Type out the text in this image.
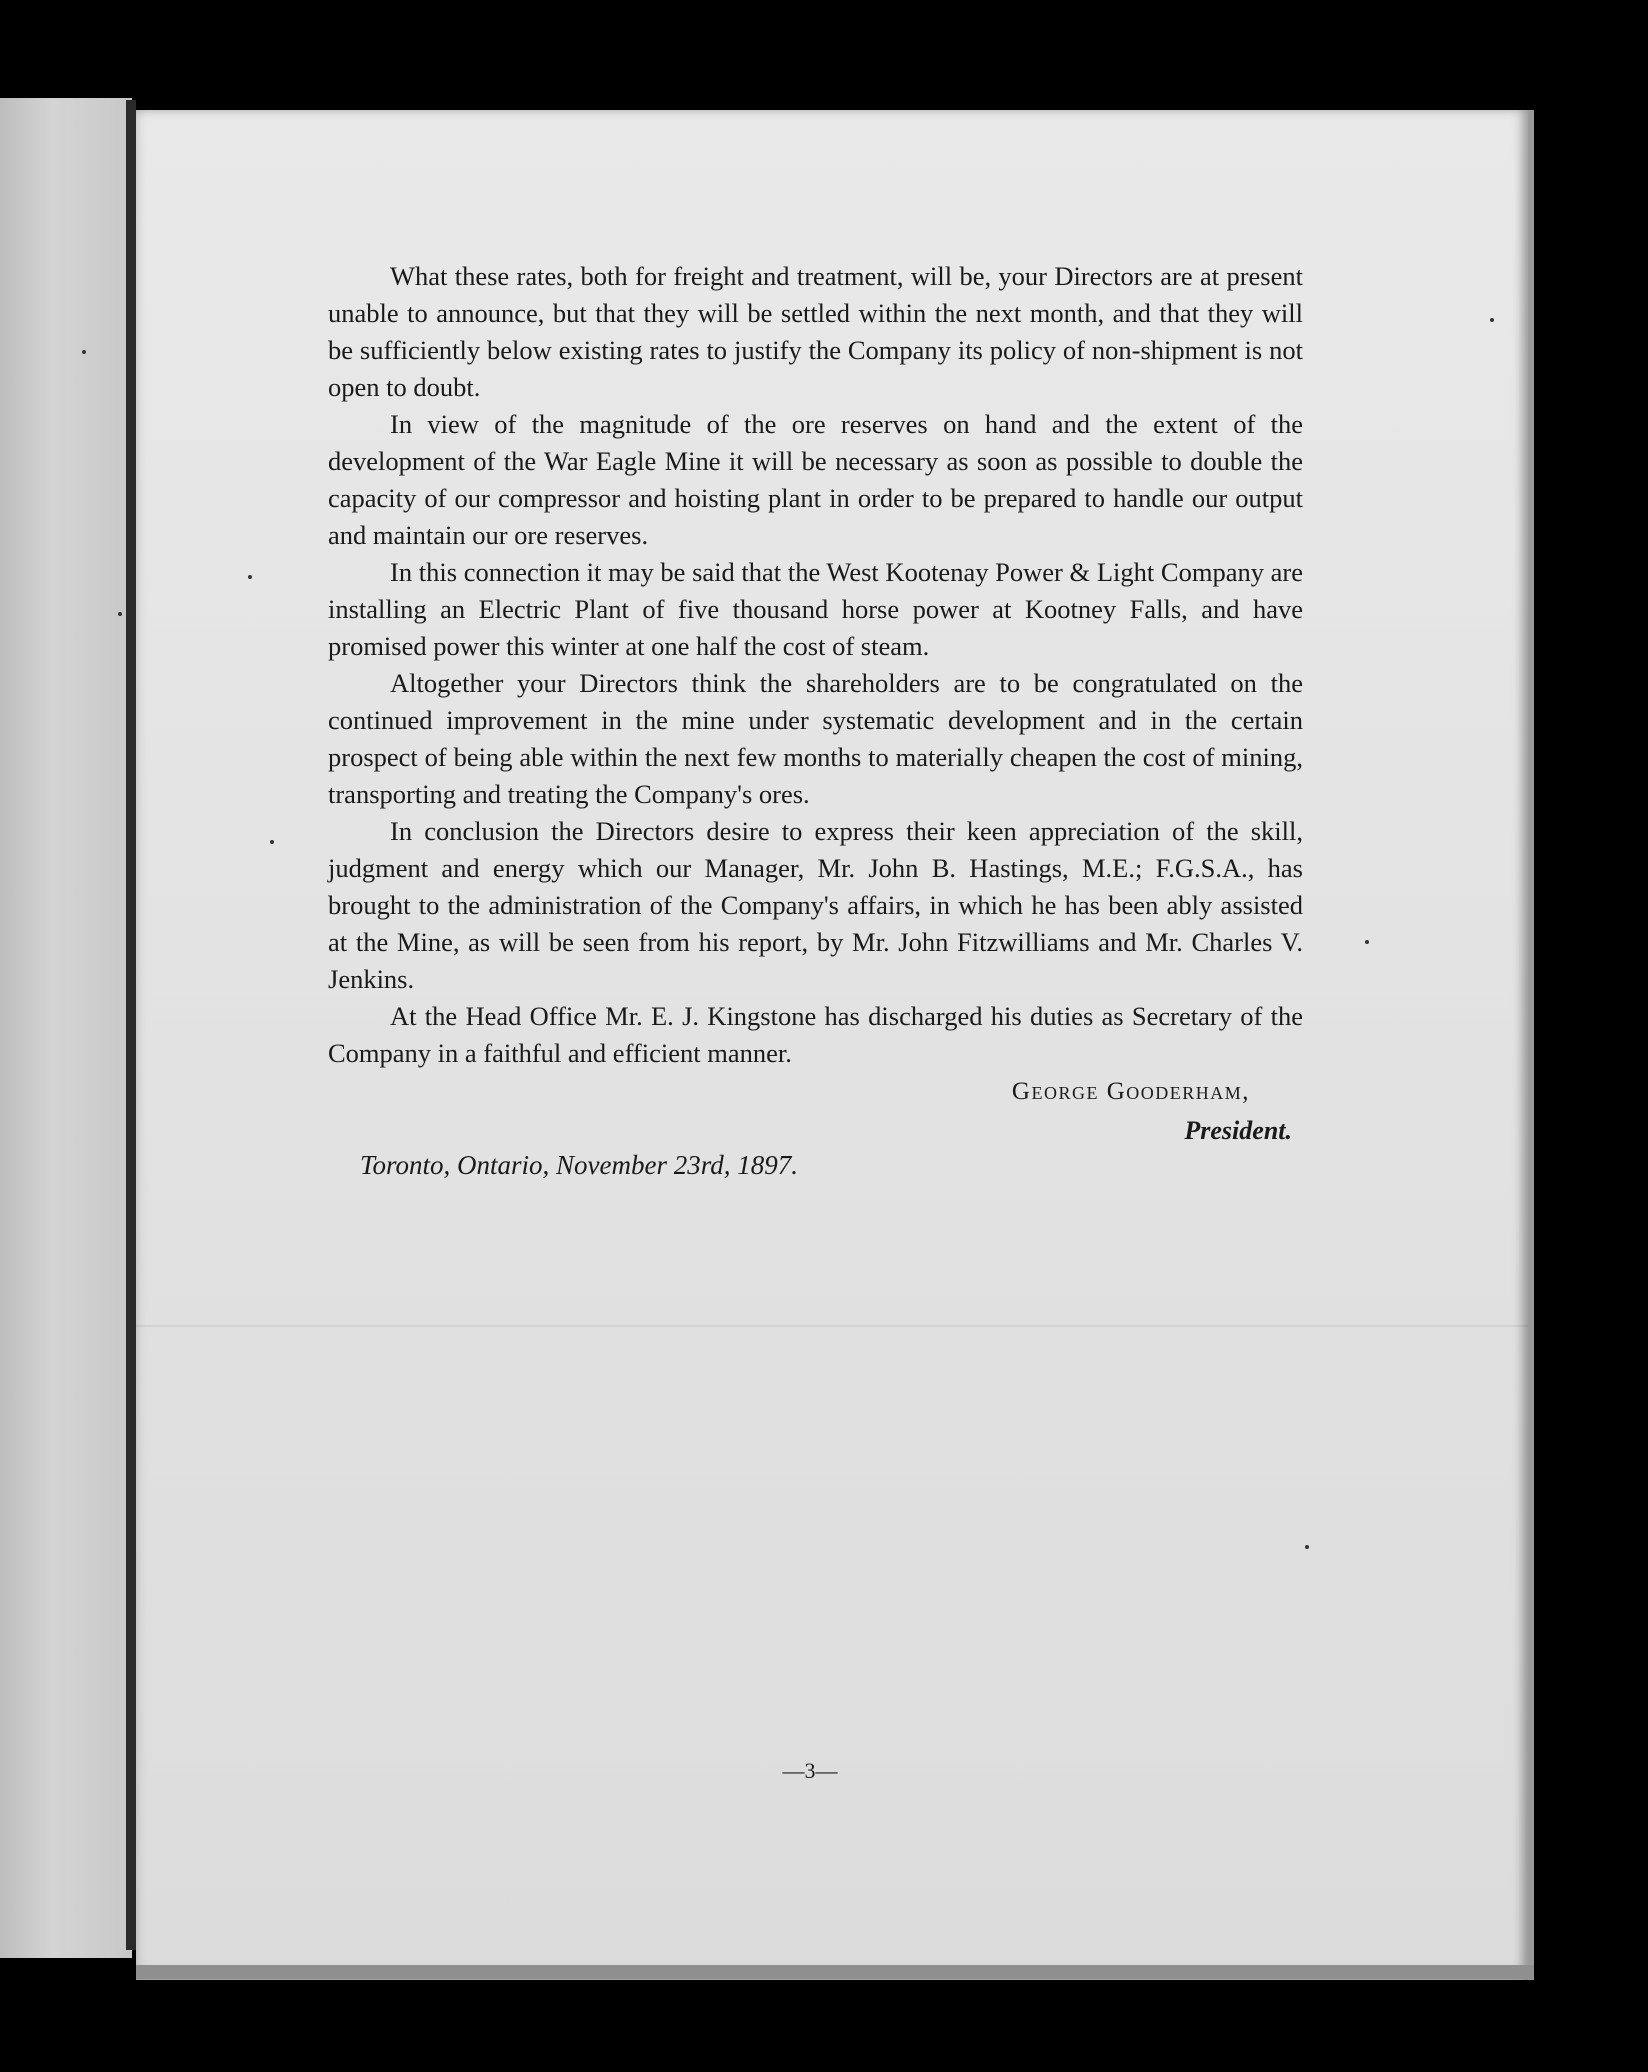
What these rates, both for freight and treatment, will be, your Directors are at present unable to announce, but that they will be settled within the next month, and that they will be sufficiently below existing rates to justify the Company its policy of non-shipment is not open to doubt.

In view of the magnitude of the ore reserves on hand and the extent of the development of the War Eagle Mine it will be necessary as soon as possible to double the capacity of our compressor and hoisting plant in order to be prepared to handle our output and maintain our ore reserves.

In this connection it may be said that the West Kootenay Power & Light Company are installing an Electric Plant of five thousand horse power at Kootney Falls, and have promised power this winter at one half the cost of steam.

Altogether your Directors think the shareholders are to be congratulated on the continued improvement in the mine under systematic development and in the certain prospect of being able within the next few months to materially cheapen the cost of mining, transporting and treating the Company's ores.

In conclusion the Directors desire to express their keen appreciation of the skill, judgment and energy which our Manager, Mr. John B. Hastings, M.E.; F.G.S.A., has brought to the administration of the Company's affairs, in which he has been ably assisted at the Mine, as will be seen from his report, by Mr. John Fitzwilliams and Mr. Charles V. Jenkins.

At the Head Office Mr. E. J. Kingstone has discharged his duties as Secretary of the Company in a faithful and efficient manner.

George Gooderham,
President.
Toronto, Ontario, November 23rd, 1897.
—3—
